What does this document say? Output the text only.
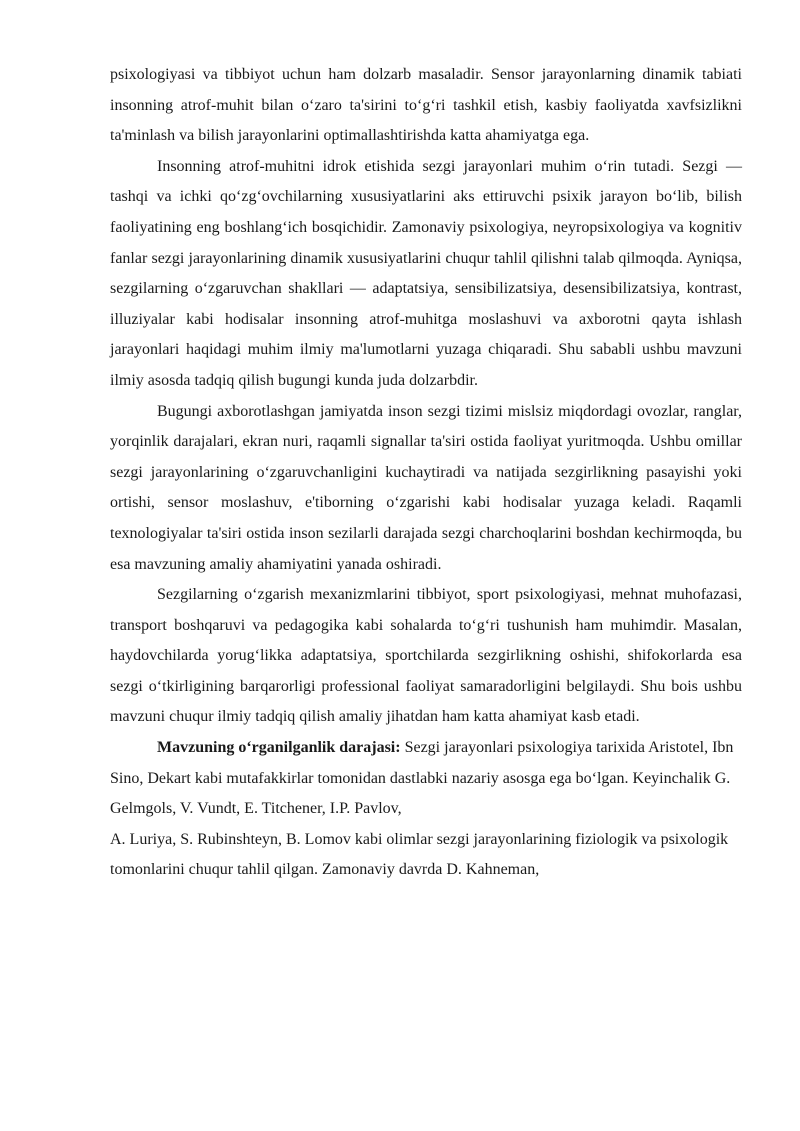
psixologiyasi va tibbiyot uchun ham dolzarb masaladir. Sensor jarayonlarning dinamik tabiati insonning atrof-muhit bilan o‘zaro ta'sirini to‘g‘ri tashkil etish, kasbiy faoliyatda xavfsizlikni ta'minlash va bilish jarayonlarini optimallashtirishda katta ahamiyatga ega.

Insonning atrof-muhitni idrok etishida sezgi jarayonlari muhim o‘rin tutadi. Sezgi — tashqi va ichki qo‘zg‘ovchilarning xususiyatlarini aks ettiruvchi psixik jarayon bo‘lib, bilish faoliyatining eng boshlang‘ich bosqichidir. Zamonaviy psixologiya, neyropsixologiya va kognitiv fanlar sezgi jarayonlarining dinamik xususiyatlarini chuqur tahlil qilishni talab qilmoqda. Ayniqsa, sezgilarning o‘zgaruvchan shakllari — adaptatsiya, sensibilizatsiya, desensibilizatsiya, kontrast, illuziyalar kabi hodisalar insonning atrof-muhitga moslashuvi va axborotni qayta ishlash jarayonlari haqidagi muhim ilmiy ma'lumotlarni yuzaga chiqaradi. Shu sababli ushbu mavzuni ilmiy asosda tadqiq qilish bugungi kunda juda dolzarbdir.

Bugungi axborotlashgan jamiyatda inson sezgi tizimi mislsiz miqdordagi ovozlar, ranglar, yorqinlik darajalari, ekran nuri, raqamli signallar ta'siri ostida faoliyat yuritmoqda. Ushbu omillar sezgi jarayonlarining o‘zgaruvchanligini kuchaytiradi va natijada sezgirlikning pasayishi yoki ortishi, sensor moslashuv, e'tiborning o‘zgarishi kabi hodisalar yuzaga keladi. Raqamli texnologiyalar ta'siri ostida inson sezilarli darajada sezgi charchoqlarini boshdan kechirmoqda, bu esa mavzuning amaliy ahamiyatini yanada oshiradi.

Sezgilarning o‘zgarish mexanizmlarini tibbiyot, sport psixologiyasi, mehnat muhofazasi, transport boshqaruvi va pedagogika kabi sohalarda to‘g‘ri tushunish ham muhimdir. Masalan, haydovchilarda yorug‘likka adaptatsiya, sportchilarda sezgirlikning oshishi, shifokorlarda esa sezgi o‘tkirligining barqarorligi professional faoliyat samaradorligini belgilaydi. Shu bois ushbu mavzuni chuqur ilmiy tadqiq qilish amaliy jihatdan ham katta ahamiyat kasb etadi.

Mavzuning o‘rganilganlik darajasi: Sezgi jarayonlari psixologiya tarixida Aristotel, Ibn Sino, Dekart kabi mutafakkirlar tomonidan dastlabki nazariy asosga ega bo‘lgan. Keyinchalik G. Gelmgols, V. Vundt, E. Titchener, I.P. Pavlov,

A. Luriya, S. Rubinshteyn, B. Lomov kabi olimlar sezgi jarayonlarining fiziologik va psixologik tomonlarini chuqur tahlil qilgan. Zamonaviy davrda D. Kahneman,
